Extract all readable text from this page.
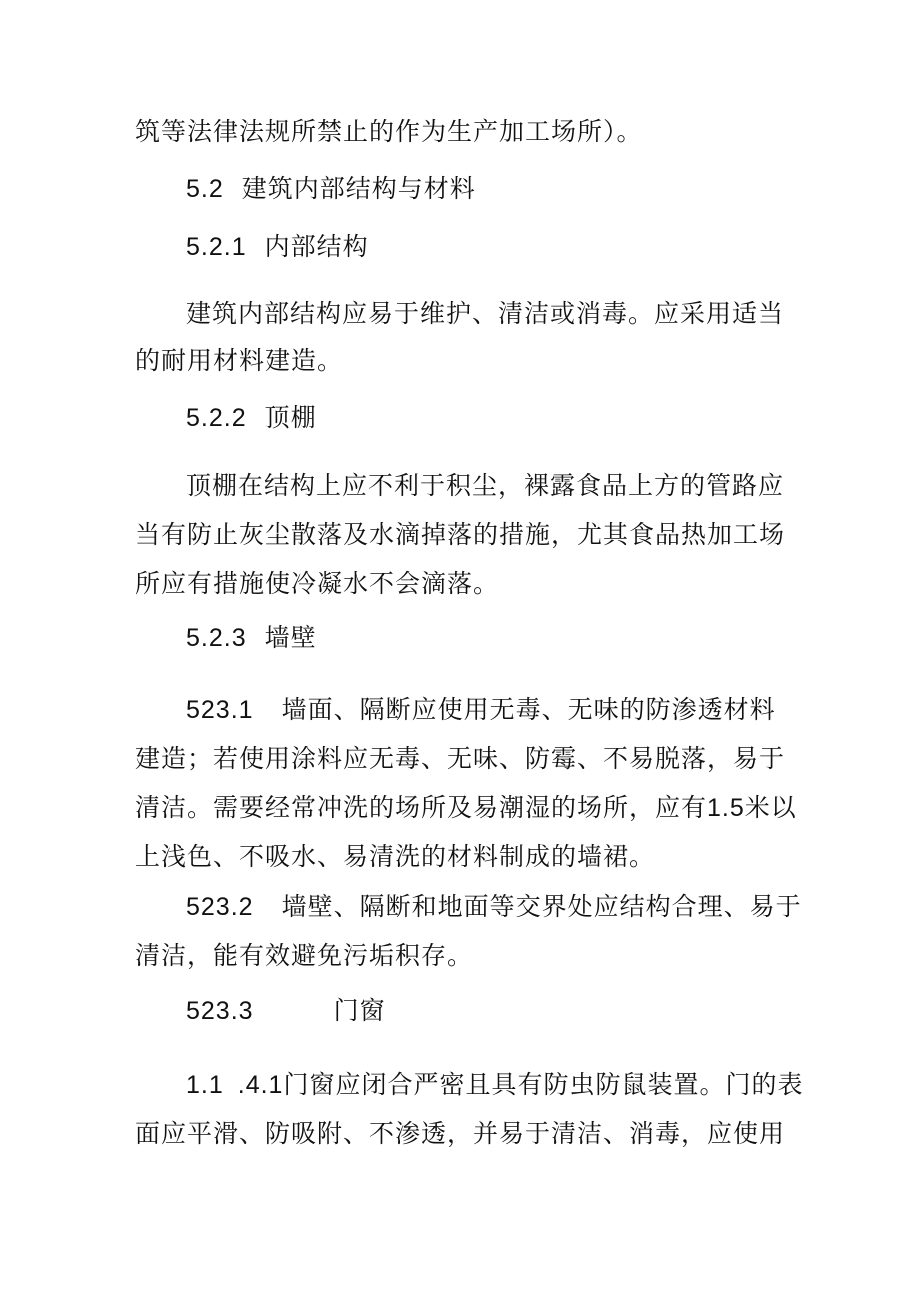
筑等法律法规所禁止的作为生产加工场所）。
5.2 建筑内部结构与材料
5.2.1 内部结构
建筑内部结构应易于维护、清洁或消毒。应采用适当
的耐用材料建造。
5.2.2 顶棚
顶棚在结构上应不利于积尘，裸露食品上方的管路应
当有防止灰尘散落及水滴掉落的措施，尤其食品热加工场
所应有措施使冷凝水不会滴落。
5.2.3 墙壁
523.1 墙面、隔断应使用无毒、无味的防渗透材料
建造；若使用涂料应无毒、无味、防霉、不易脱落，易于
清洁。需要经常冲洗的场所及易潮湿的场所，应有1.5米以
上浅色、不吸水、易清洗的材料制成的墙裙。
523.2 墙壁、隔断和地面等交界处应结构合理、易于
清洁，能有效避免污垢积存。
523.3	门窗
1.1 .4.1门窗应闭合严密且具有防虫防鼠装置。门的表
面应平滑、防吸附、不渗透，并易于清洁、消毒，应使用
